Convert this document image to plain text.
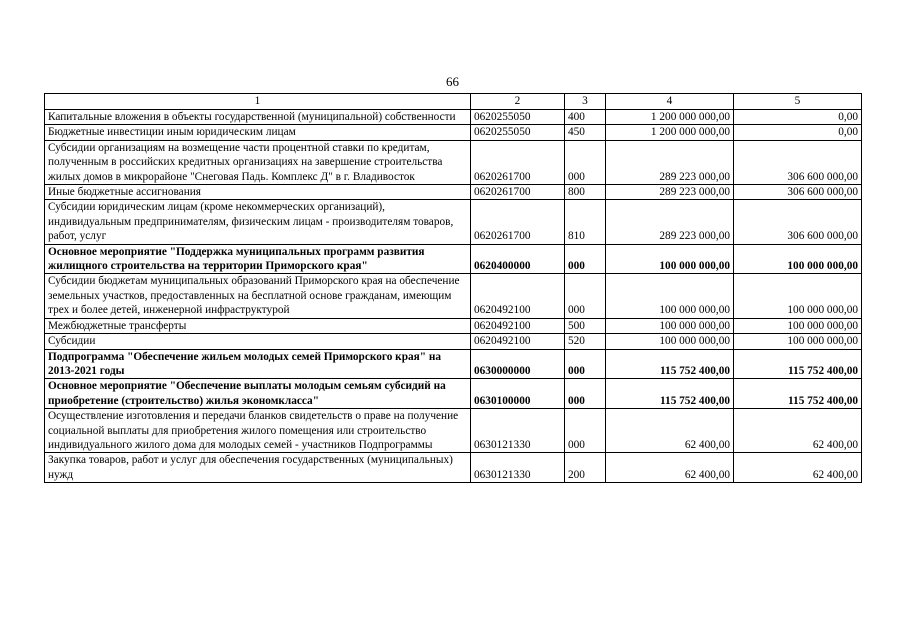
66
1	2	3	4	5
Капитальные вложения в объекты государственной (муниципальной) собственности	0620255050	400	1 200 000 000,00	0,00
Бюджетные инвестиции иным юридическим лицам	0620255050	450	1 200 000 000,00	0,00
Субсидии организациям на возмещение части процентной ставки по кредитам, полученным в российских кредитных организациях на завершение строительства жилых домов в микрорайоне "Снеговая Падь. Комплекс Д" в г. Владивосток	0620261700	000	289 223 000,00	306 600 000,00
Иные бюджетные ассигнования	0620261700	800	289 223 000,00	306 600 000,00
Субсидии юридическим лицам (кроме некоммерческих организаций), индивидуальным предпринимателям, физическим лицам - производителям товаров, работ, услуг	0620261700	810	289 223 000,00	306 600 000,00
Основное мероприятие "Поддержка муниципальных программ развития жилищного строительства на территории Приморского края"	0620400000	000	100 000 000,00	100 000 000,00
Субсидии бюджетам муниципальных образований Приморского края на обеспечение земельных участков, предоставленных на бесплатной основе гражданам, имеющим трех и более детей, инженерной инфраструктурой	0620492100	000	100 000 000,00	100 000 000,00
Межбюджетные трансферты	0620492100	500	100 000 000,00	100 000 000,00
Субсидии	0620492100	520	100 000 000,00	100 000 000,00
Подпрограмма "Обеспечение жильем молодых семей Приморского края" на 2013-2021 годы	0630000000	000	115 752 400,00	115 752 400,00
Основное мероприятие "Обеспечение выплаты молодым семьям субсидий на приобретение (строительство) жилья экономкласса"	0630100000	000	115 752 400,00	115 752 400,00
Осуществление изготовления и передачи бланков свидетельств о праве на получение социальной выплаты для приобретения жилого помещения или строительство индивидуального жилого дома для молодых семей - участников Подпрограммы	0630121330	000	62 400,00	62 400,00
Закупка товаров, работ и услуг для обеспечения государственных (муниципальных) нужд	0630121330	200	62 400,00	62 400,00
